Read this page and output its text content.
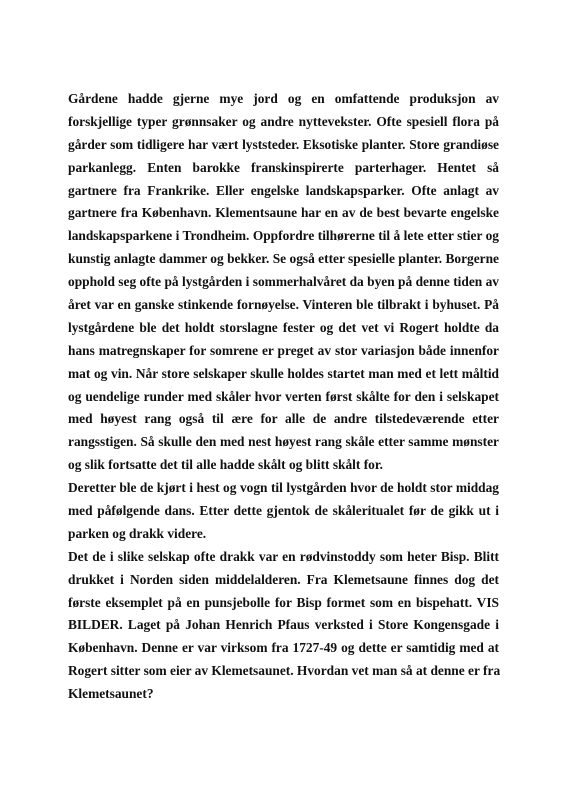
Gårdene hadde gjerne mye jord og en omfattende produksjon av
forskjellige typer grønnsaker og andre nyttevekster. Ofte spesiell flora på
gårder som tidligere har vært lyststeder. Eksotiske planter. Store grandiøse
parkanlegg. Enten barokke franskinspirerte parterhager. Hentet så
gartnere fra Frankrike. Eller engelske landskapsparker. Ofte anlagt av
gartnere fra København. Klementsaune har en av de best bevarte engelske
landskapsparkene i Trondheim. Oppfordre tilhørerne til å lete etter stier og
kunstig anlagte dammer og bekker. Se også etter spesielle planter. Borgerne
opphold seg ofte på lystgården i sommerhalvåret da byen på denne tiden av
året var en ganske stinkende fornøyelse. Vinteren ble tilbrakt i byhuset. På
lystgårdene ble det holdt storslagne fester og det vet vi Rogert holdte da
hans matregnskaper for somrene er preget av stor variasjon både innenfor
mat og vin. Når store selskaper skulle holdes startet man med et lett måltid
og uendelige runder med skåler hvor verten først skålte for den i selskapet
med høyest rang også til ære for alle de andre tilstedeværende etter
rangsstigen. Så skulle den med nest høyest rang skåle etter samme mønster
og slik fortsatte det til alle hadde skålt og blitt skålt for.
Deretter ble de kjørt i hest og vogn til lystgården hvor de holdt stor middag
med påfølgende dans. Etter dette gjentok de skåleritualet før de gikk ut i
parken og drakk videre.
Det de i slike selskap ofte drakk var en rødvinstoddy som heter Bisp. Blitt
drukket i Norden siden middelalderen. Fra Klemetsaune finnes dog det
første eksemplet på en punsjebolle for Bisp formet som en bispehatt. VIS
BILDER. Laget på Johan Henrich Pfaus verksted i Store Kongensgade i
København. Denne er var virksom fra 1727-49 og dette er samtidig med at
Rogert sitter som eier av Klemetsaunet. Hvordan vet man så at denne er fra
Klemetsaunet?
